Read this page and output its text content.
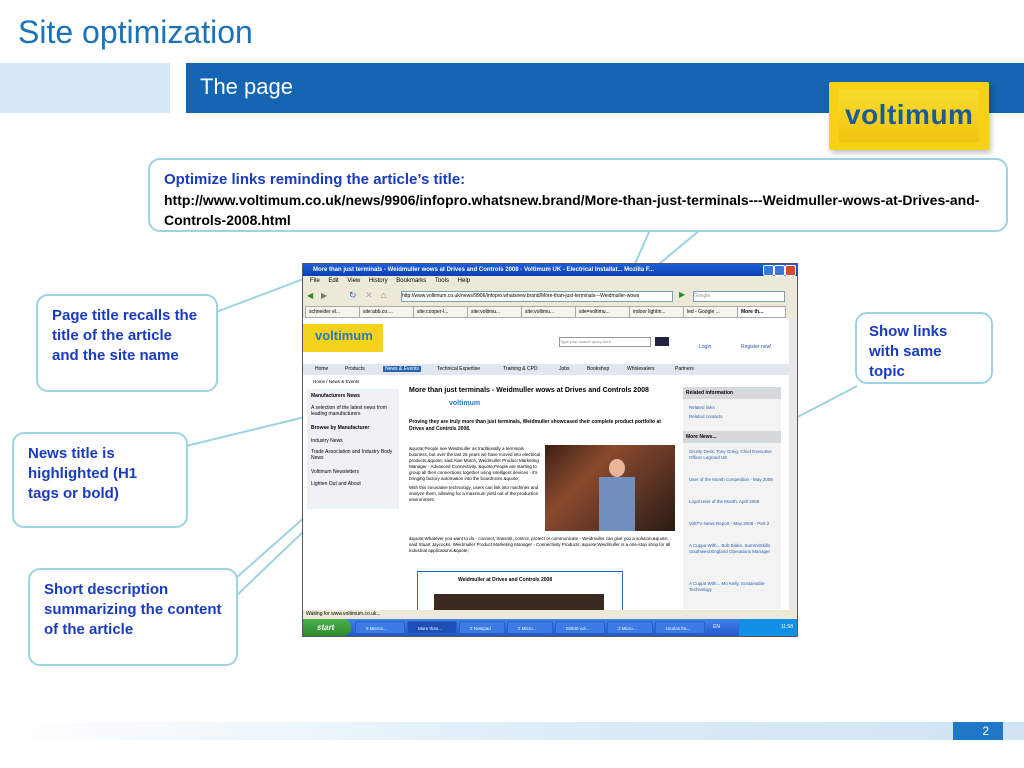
Site optimization
The page
voltimum
Optimize links reminding the article’s title:
http://www.voltimum.co.uk/news/9906/infopro.whatsnew.brand/More-than-just-terminals---Weidmuller-wows-at-Drives-and-Controls-2008.html
Page title recalls the title of the article and the site name
News title is highlighted (H1 tags or bold)
Short description summarizing the content of the article
Show links with same topic
More than just terminals - Weidmuller wows at Drives and Controls 2008 - Voltimum UK - Electrical Installat... Mozilla F...
File Edit View History Bookmarks Tools Help
◀ ▶ ↻ ✕ ⌂	http://www.voltimum.co.uk/news/9906/infopro.whatsnew.brand/More-than-just-terminals---Weidmuller-wows	▶ Google
schneider el...	site:abb.co....	site:cooper-l...	site:voltimu...	site:voltimu...	site=voltimu...	indoor lightin...	led - Google ...	More th...
voltimum	Type your search query here
Login	Register now!
Home	Products	News & Events	Technical Expertise	Training & CPD	Jobs	Bookshop	Wholesalers	Partners
Home / News & Events
Manufacturers News
A selection of the latest news from leading manufacturers
Browse by Manufacturer
Industry News
Trade Association and Industry Body News
Voltimum Newsletters
Lighten Out and About
More than just terminals - Weidmuller wows at Drives and Controls 2008
voltimum
Proving they are truly more than just terminals, Weidmuller showcased their complete product portfolio at Drives and Controls 2008.
&quote;People see Weidmuller as traditionally a terminals business, but over the last 25 years we have moved into electrical products,&quote; said Alan Mutch, Weidmuller Product Marketing Manager - Advanced Connectivity. &quote;People are starting to group all their connections together using intelligent devices - it's bringing factory automation into the boardroom.&quote;
With this innovative technology, users can link into machines and analyze them, allowing for a maximum yield out of the production environment.
&quote;Whatever you want to do - connect, transmit, control, protect or communicate - Weidmuller can give you a solution,&quote; said Stuart Jaycocks, Weidmuller Product Marketing Manager - Connectivity Products. &quote;Weidmuller is a one-stop shop for all industrial applications.&quote;
Weidmuller at Drives and Controls 2008
Related information
Related links
Related contacts
More News...
On My Desk: Tony Greig, Chief Executive Officer Legrand UK
User of the Month competition - May 2008
Loyal User of the Month: April 2008
VoltTV News Report - May 2008 - Part 2
A Cuppa With... Bob Blake, SummitSkills Southwest England Operations Manager
A Cuppa With... Mo Kelly, Sustainable Technology
Waiting for www.voltimum.co.uk...
start	9 Micros...	More than...	2 Notepad	2 Micro...	02940 vol...	2 Micro...	nicolas fra...	EN	11:58
2
